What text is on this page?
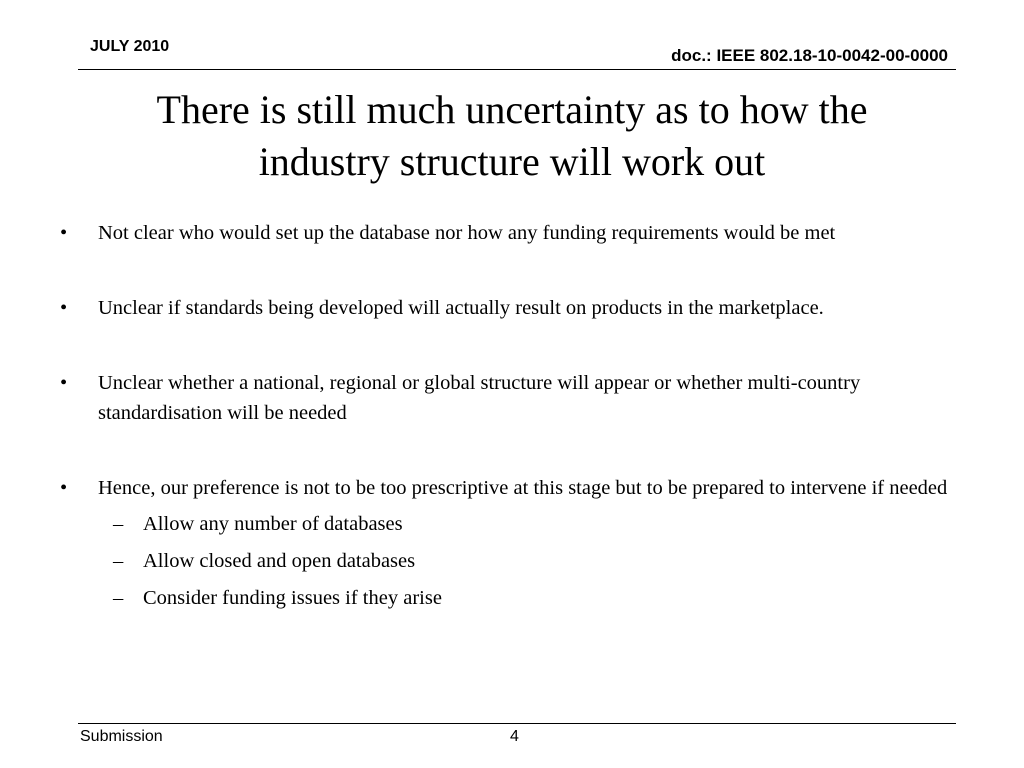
JULY 2010	doc.: IEEE 802.18-10-0042-00-0000
There is still much uncertainty as to how the
industry structure will work out
• Not clear who would set up the database nor how any funding requirements would be met
• Unclear if standards being developed will actually result on products in the marketplace.
• Unclear whether a national, regional or global structure will appear or whether multi-country standardisation will be needed
• Hence, our preference is not to be too prescriptive at this stage but to be prepared to intervene if needed
– Allow any number of databases
– Allow closed and open databases
– Consider funding issues if they arise
Submission	4
